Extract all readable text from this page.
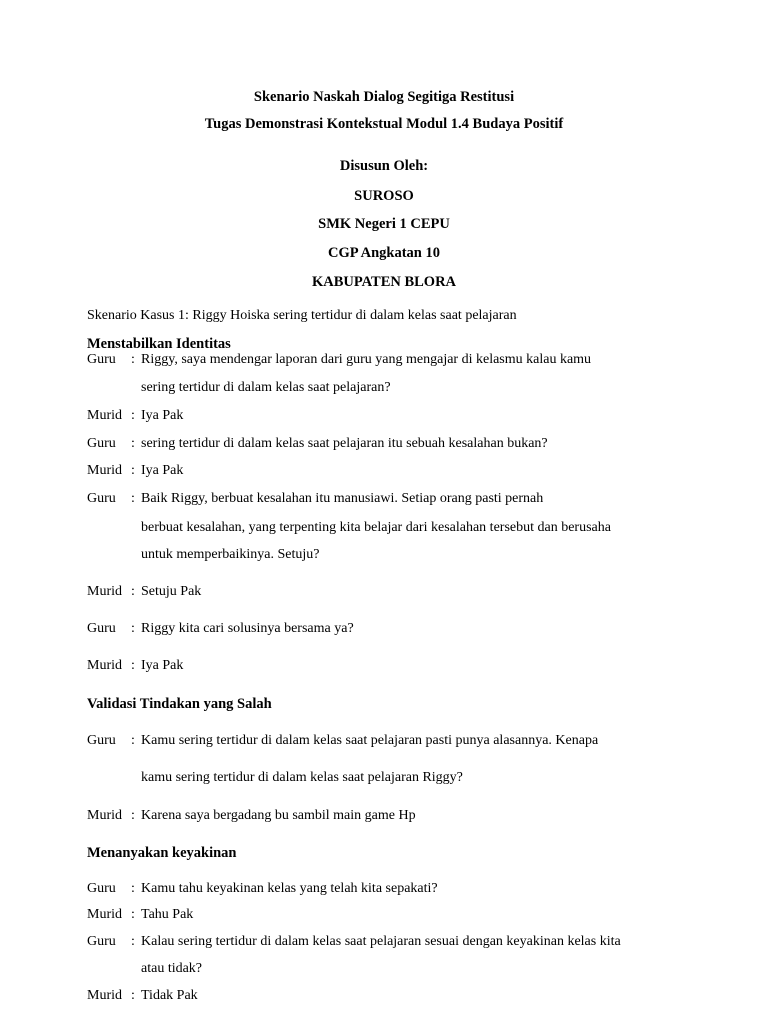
Skenario Naskah Dialog Segitiga Restitusi
Tugas Demonstrasi Kontekstual Modul 1.4 Budaya Positif
Disusun Oleh:
SUROSO
SMK Negeri 1 CEPU
CGP Angkatan 10
KABUPATEN BLORA
Skenario Kasus 1: Riggy Hoiska sering tertidur di dalam kelas saat pelajaran
Menstabilkan Identitas
Guru : Riggy, saya mendengar laporan dari guru yang mengajar di kelasmu kalau kamu
sering tertidur di dalam kelas saat pelajaran?
Murid : Iya Pak
Guru : sering tertidur di dalam kelas saat pelajaran itu sebuah kesalahan bukan?
Murid : Iya Pak
Guru : Baik Riggy, berbuat kesalahan itu manusiawi. Setiap orang pasti pernah
berbuat kesalahan, yang terpenting kita belajar dari kesalahan tersebut dan berusaha
untuk memperbaikinya. Setuju?
Murid : Setuju Pak
Guru : Riggy kita cari solusinya bersama ya?
Murid : Iya Pak
Validasi Tindakan yang Salah
Guru : Kamu sering tertidur di dalam kelas saat pelajaran pasti punya alasannya. Kenapa
kamu sering tertidur di dalam kelas saat pelajaran Riggy?
Murid : Karena saya bergadang bu sambil main game Hp
Menanyakan keyakinan
Guru : Kamu tahu keyakinan kelas yang telah kita sepakati?
Murid : Tahu Pak
Guru : Kalau sering tertidur di dalam kelas saat pelajaran sesuai dengan keyakinan kelas kita
atau tidak?
Murid : Tidak Pak
